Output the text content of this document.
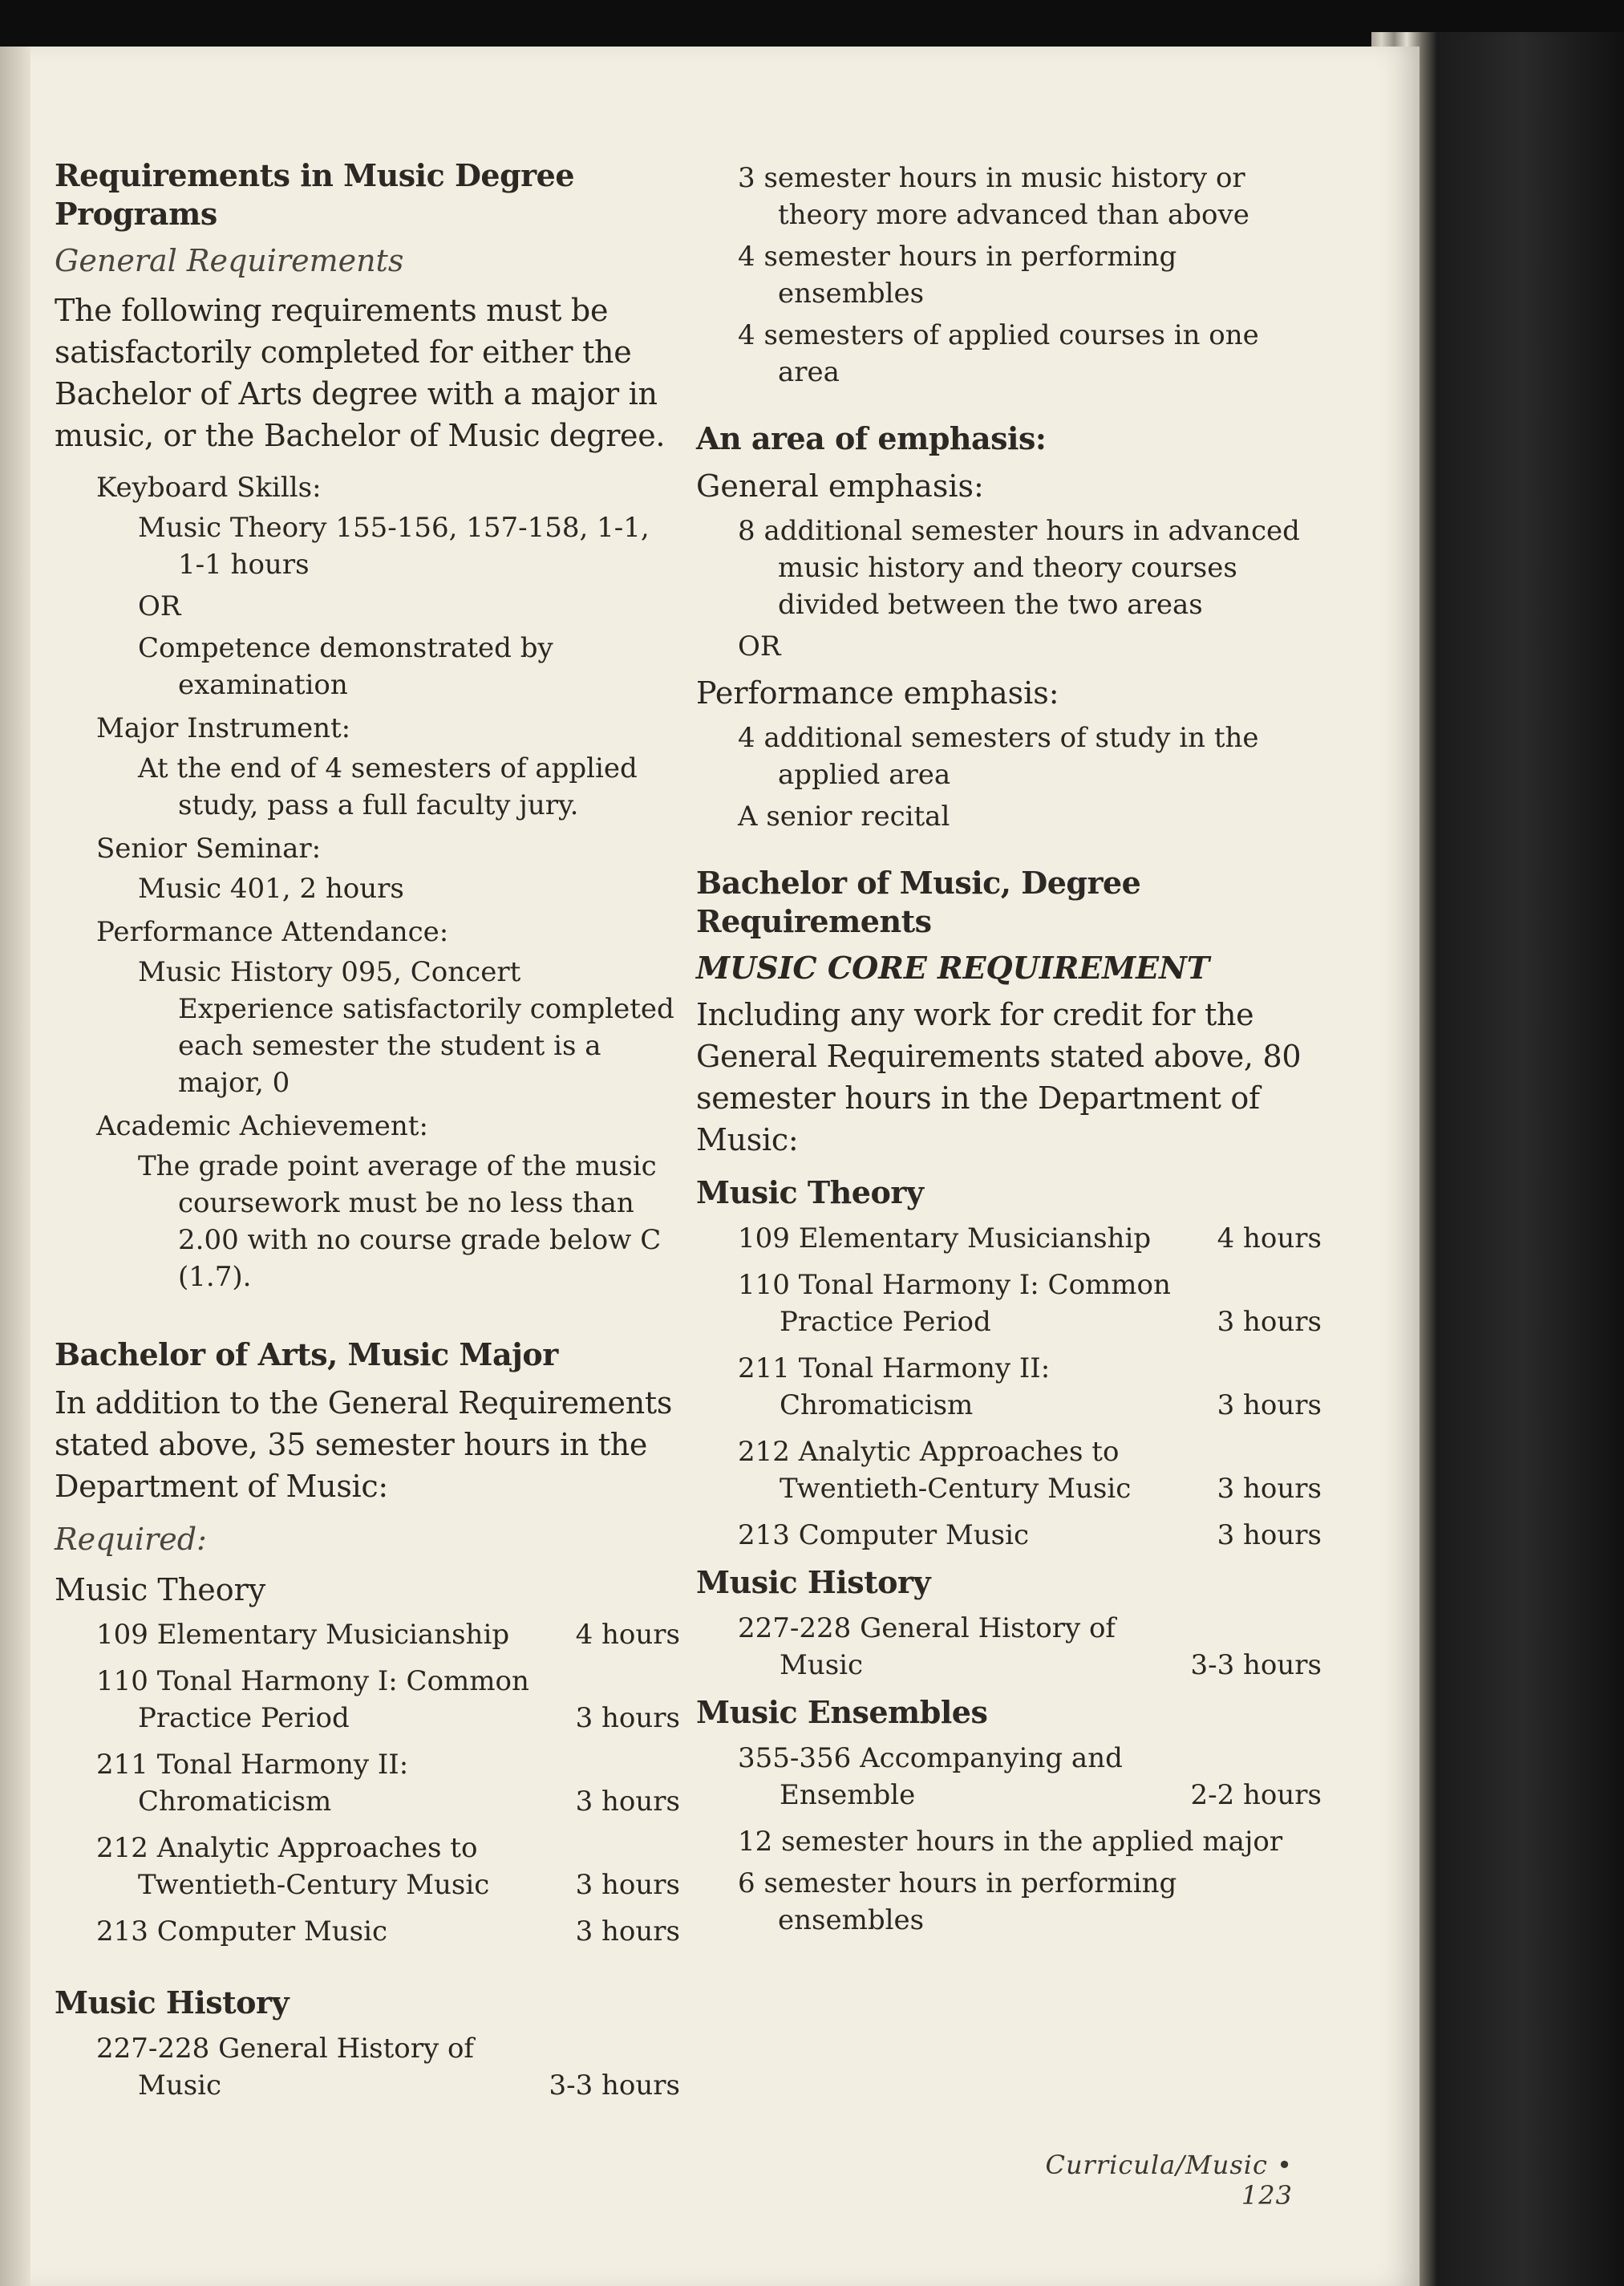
Requirements in Music Degree Programs
General Requirements

The following requirements must be satisfactorily completed for either the Bachelor of Arts degree with a major in music, or the Bachelor of Music degree.

Keyboard Skills:
Music Theory 155-156, 157-158, 1-1, 1-1 hours
OR
Competence demonstrated by examination
Major Instrument:
At the end of 4 semesters of applied study, pass a full faculty jury.
Senior Seminar:
Music 401, 2 hours
Performance Attendance:
Music History 095, Concert Experience satisfactorily completed each semester the student is a major, 0
Academic Achievement:
The grade point average of the music coursework must be no less than 2.00 with no course grade below C (1.7).
Bachelor of Arts, Music Major

In addition to the General Requirements stated above, 35 semester hours in the Department of Music:

Required:
Music Theory
109 Elementary Musicianship 4 hours
110 Tonal Harmony I: Common Practice Period	3 hours
211 Tonal Harmony II: Chromaticism	3 hours
212 Analytic Approaches to Twentieth-Century Music	3 hours
213 Computer Music	3 hours
Music History
227-228 General History of Music	3-3 hours
3 semester hours in music history or theory more advanced than above
4 semester hours in performing ensembles
4 semesters of applied courses in one area
An area of emphasis:
General emphasis:
8 additional semester hours in advanced music history and theory courses divided between the two areas
OR
Performance emphasis:
4 additional semesters of study in the applied area
A senior recital
Bachelor of Music, Degree Requirements
MUSIC CORE REQUIREMENT

Including any work for credit for the General Requirements stated above, 80 semester hours in the Department of Music:

Music Theory
109 Elementary Musicianship 4 hours
110 Tonal Harmony I: Common Practice Period	3 hours
211 Tonal Harmony II: Chromaticism	3 hours
212 Analytic Approaches to Twentieth-Century Music	3 hours
213 Computer Music	3 hours
Music History
227-228 General History of Music	3-3 hours
Music Ensembles
355-356 Accompanying and Ensemble	2-2 hours
12 semester hours in the applied major
6 semester hours in performing ensembles
Curricula/Music • 123
